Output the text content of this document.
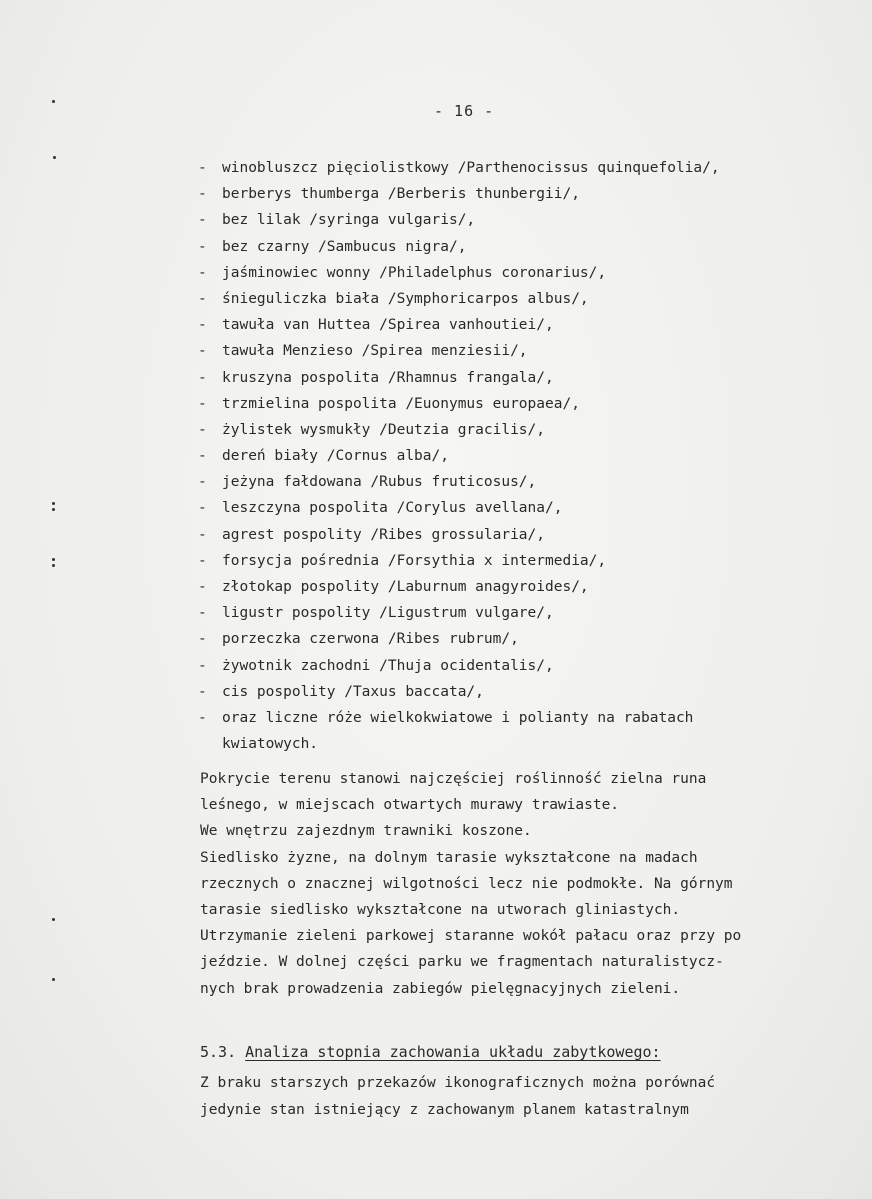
- 16 -
- winobluszcz pięciolistkowy /Parthenocissus quinquefolia/,
- berberys thumberga /Berberis thunbergii/,
- bez lilak /syringa vulgaris/,
- bez czarny /Sambucus nigra/,
- jaśminowiec wonny /Philadelphus coronarius/,
- śnieguliczka biała /Symphoricarpos albus/,
- tawuła van Huttea /Spirea vanhoutiei/,
- tawuła Menzieso /Spirea menziesii/,
- kruszyna pospolita /Rhamnus frangala/,
- trzmielina pospolita /Euonymus europaea/,
- żylistek wysmukły /Deutzia gracilis/,
- dereń biały /Cornus alba/,
- jeżyna fałdowana /Rubus fruticosus/,
- leszczyna pospolita /Corylus avellana/,
- agrest pospolity /Ribes grossularia/,
- forsycja pośrednia /Forsythia x intermedia/,
- złotokap pospolity /Laburnum anagyroides/,
- ligustr pospolity /Ligustrum vulgare/,
- porzeczka czerwona /Ribes rubrum/,
- żywotnik zachodni /Thuja ocidentalis/,
- cis pospolity /Taxus baccata/,
- oraz liczne róże wielkokwiatowe i polianty na rabatach
kwiatowych.
Pokrycie terenu stanowi najczęściej roślinność zielna runa
leśnego, w miejscach otwartych murawy trawiaste.
We wnętrzu zajezdnym trawniki koszone.
Siedlisko żyzne, na dolnym tarasie wykształcone na madach
rzecznych o znacznej wilgotności lecz nie podmokłe. Na górnym
tarasie siedlisko wykształcone na utworach gliniastych.
Utrzymanie zieleni parkowej staranne wokół pałacu oraz przy po
jeździe. W dolnej części parku we fragmentach naturalistycz-
nych brak prowadzenia zabiegów pielęgnacyjnych zieleni.
5.3. Analiza stopnia zachowania układu zabytkowego:
Z braku starszych przekazów ikonograficznych można porównać
jedynie stan istniejący z zachowanym planem katastralnym
